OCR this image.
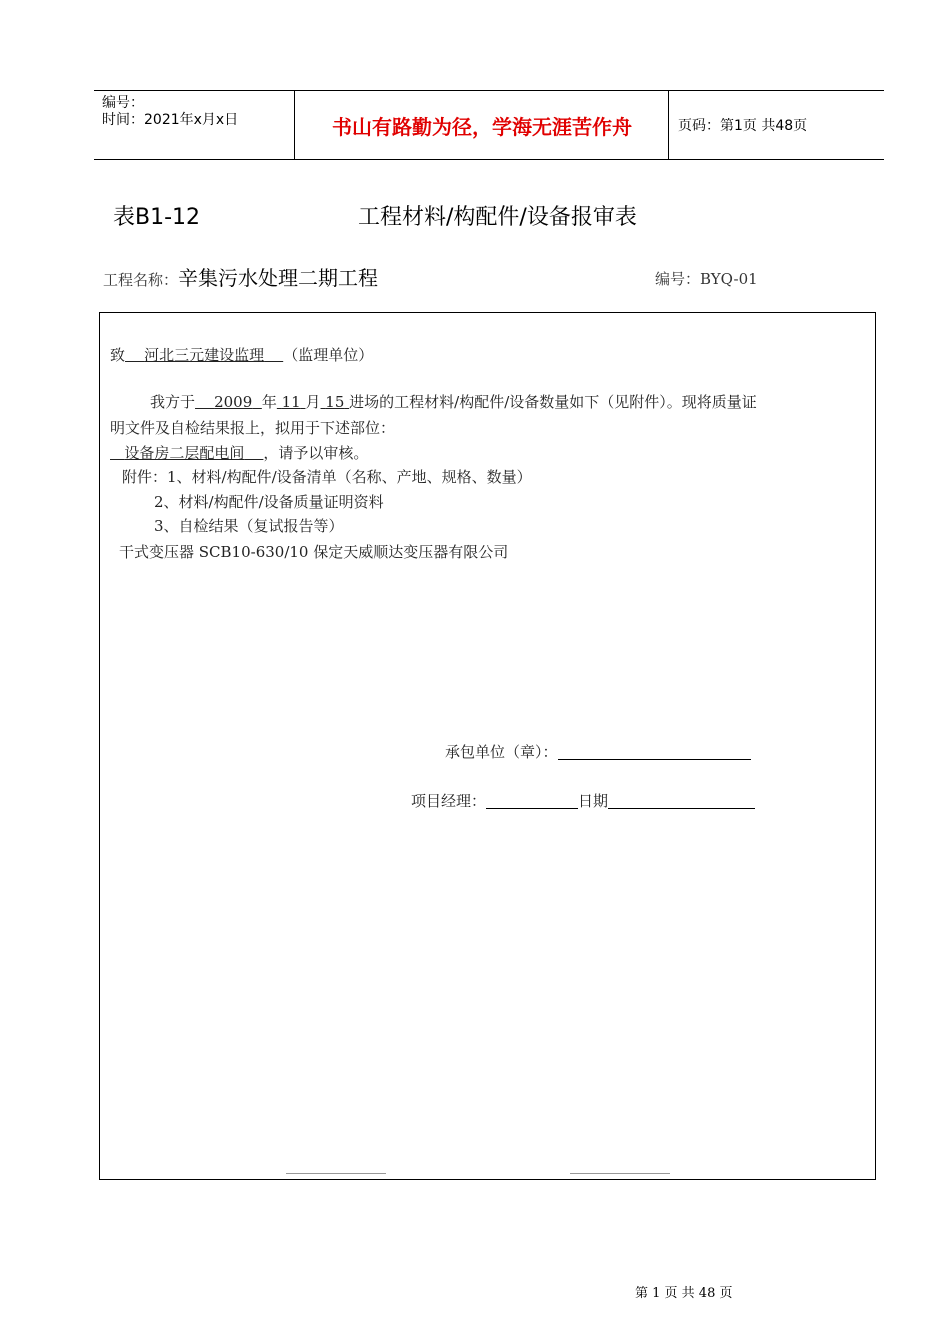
编号：
时间：2021年x月x日	书山有路勤为径，学海无涯苦作舟	页码：第1页 共48页
表B1-12	工程材料/构配件/设备报审表
工程名称：辛集污水处理二期工程	编号：BYQ-01
致 河北三元建设监理 （监理单位）
我方于 2009 年 11 月 15 进场的工程材料/构配件/设备数量如下（见附件）。现将质量证
明文件及自检结果报上，拟用于下述部位：
设备房二层配电间 ，请予以审核。
附件：1、材料/构配件/设备清单（名称、产地、规格、数量）
2、材料/构配件/设备质量证明资料
3、自检结果（复试报告等）
干式变压器 SCB10-630/10 保定天威顺达变压器有限公司
承包单位（章）：
项目经理：	日期
第 1 页 共 48 页
